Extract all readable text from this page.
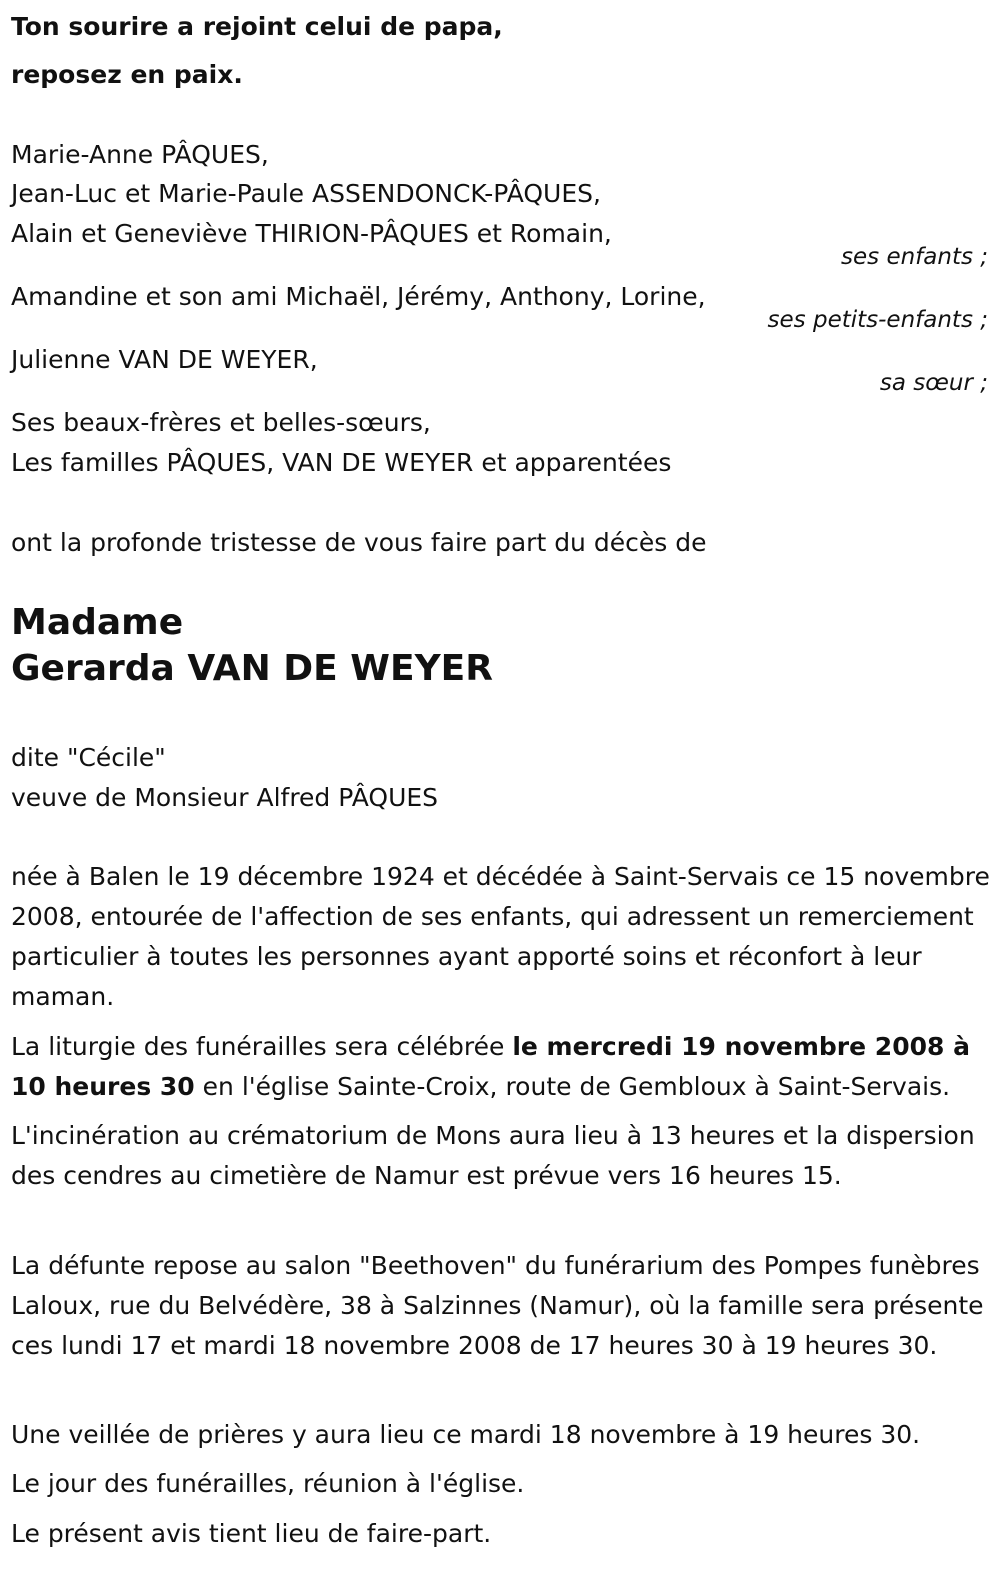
Ton sourire a rejoint celui de papa,
reposez en paix.
Marie-Anne PÂQUES,
Jean-Luc et Marie-Paule ASSENDONCK-PÂQUES,
Alain et Geneviève THIRION-PÂQUES et Romain,
ses enfants ;
Amandine et son ami Michaël, Jérémy, Anthony, Lorine,
ses petits-enfants ;
Julienne VAN DE WEYER,
sa sœur ;
Ses beaux-frères et belles-sœurs,
Les familles PÂQUES, VAN DE WEYER et apparentées
ont la profonde tristesse de vous faire part du décès de
Madame
Gerarda VAN DE WEYER
dite "Cécile"
veuve de Monsieur Alfred PÂQUES
née à Balen le 19 décembre 1924 et décédée à Saint-Servais ce 15 novembre 2008, entourée de l'affection de ses enfants, qui adressent un remerciement particulier à toutes les personnes ayant apporté soins et réconfort à leur maman.
La liturgie des funérailles sera célébrée le mercredi 19 novembre 2008 à 10 heures 30 en l'église Sainte-Croix, route de Gembloux à Saint-Servais.
L'incinération au crématorium de Mons aura lieu à 13 heures et la dispersion des cendres au cimetière de Namur est prévue vers 16 heures 15.
La défunte repose au salon "Beethoven" du funérarium des Pompes funèbres Laloux, rue du Belvédère, 38 à Salzinnes (Namur), où la famille sera présente ces lundi 17 et mardi 18 novembre 2008 de 17 heures 30 à 19 heures 30.
Une veillée de prières y aura lieu ce mardi 18 novembre à 19 heures 30.
Le jour des funérailles, réunion à l'église.
Le présent avis tient lieu de faire-part.
